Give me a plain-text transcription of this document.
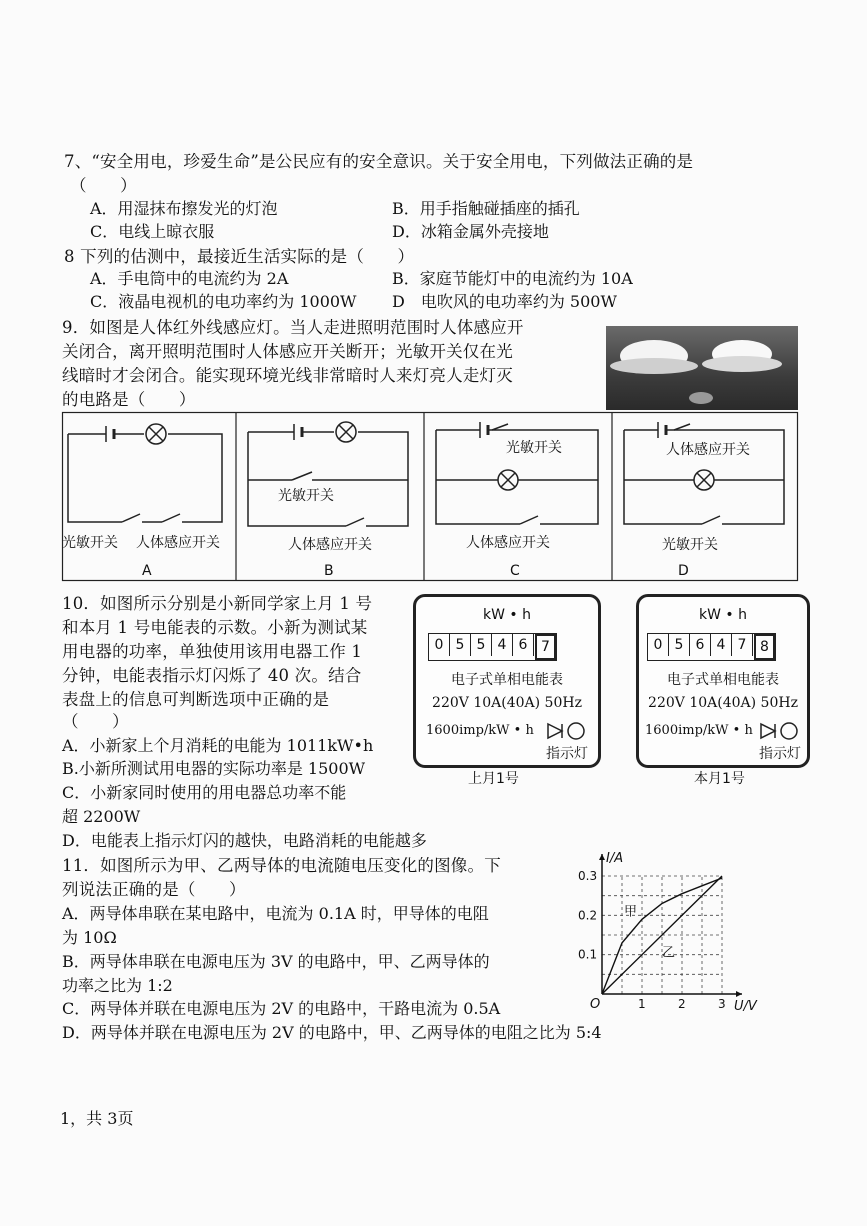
7、“安全用电，珍爱生命”是公民应有的安全意识。关于安全用电，下列做法正确的是
（　　）
A．用湿抹布擦发光的灯泡	B．用手指触碰插座的插孔
C．电线上晾衣服	D．冰箱金属外壳接地
8 下列的估测中，最接近生活实际的是（　　）
A．手电筒中的电流约为 2A	B．家庭节能灯中的电流约为 10A
C．液晶电视机的电功率约为 1000W D　电吹风的电功率约为 500W
9．如图是人体红外线感应灯。当人走进照明范围时人体感应开
关闭合，离开照明范围时人体感应开关断开；光敏开关仅在光
线暗时才会闭合。能实现环境光线非常暗时人来灯亮人走灯灭
的电路是（　　）
光敏开关 人体感应开关
A
光敏开关
人体感应开关
B
光敏开关
人体感应开关
C
人体感应开关
光敏开关
D
10．如图所示分别是小新同学家上月 1 号
和本月 1 号电能表的示数。小新为测试某
用电器的功率，单独使用该用电器工作 1
分钟，电能表指示灯闪烁了 40 次。结合
表盘上的信息可判断选项中正确的是
（　　）
A．小新家上个月消耗的电能为 1011kW•h
B.小新所测试用电器的实际功率是 1500W
C．小新家同时使用的用电器总功率不能
超 2200W
D．电能表上指示灯闪的越快，电路消耗的电能越多
kW • h
0 5 5 4 6 7
电子式单相电能表
220V 10A(40A) 50Hz
1600imp/kW • h
指示灯
上月1号
kW • h
0 5 6 4 7 8
电子式单相电能表
220V 10A(40A) 50Hz
1600imp/kW • h
指示灯
本月1号
11．如图所示为甲、乙两导体的电流随电压变化的图像。下
列说法正确的是（　　）
A．两导体串联在某电路中，电流为 0.1A 时，甲导体的电阻
为 10Ω
B．两导体串联在电源电压为 3V 的电路中，甲、乙两导体的
功率之比为 1:2
C．两导体并联在电源电压为 2V 的电路中，干路电流为 0.5A
D．两导体并联在电源电压为 2V 的电路中，甲、乙两导体的电阻之比为 5:4
I/A
U/V
O	1	2	3
0.1
0.2
0.3
甲
乙
1，共 3页
